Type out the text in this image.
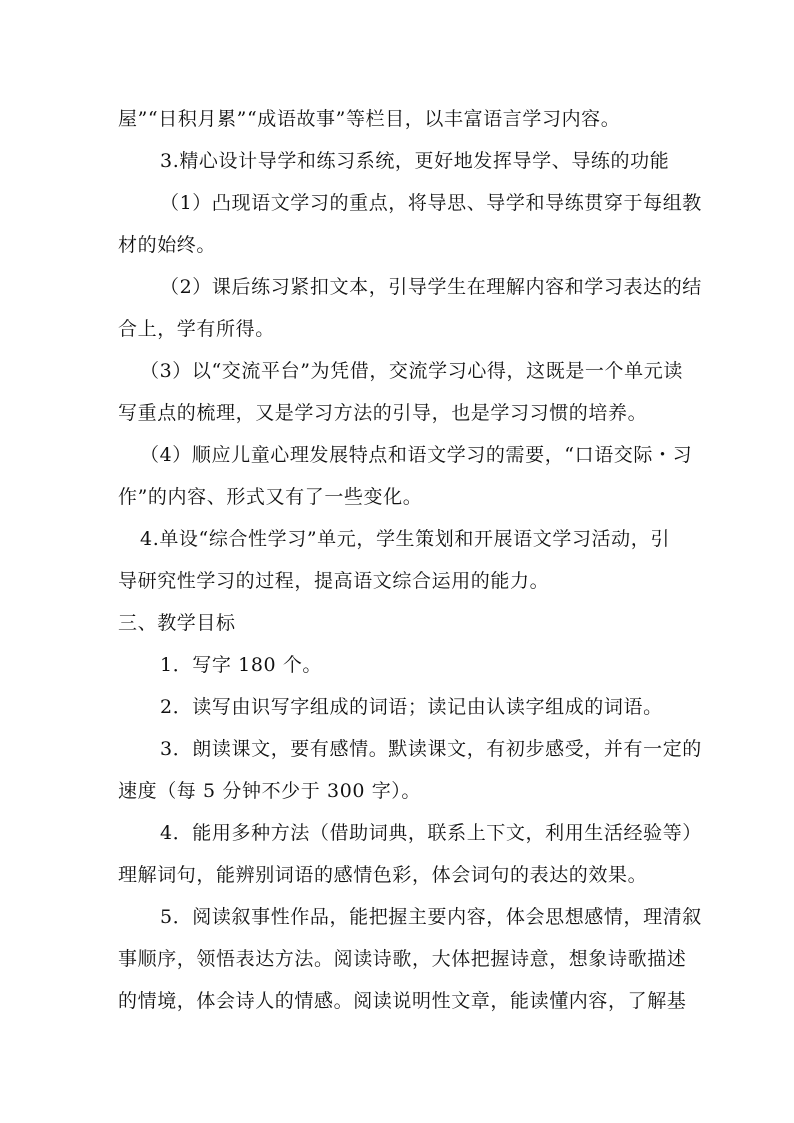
屋”“日积月累”“成语故事”等栏目，以丰富语言学习内容。
3.精心设计导学和练习系统，更好地发挥导学、导练的功能
（1）凸现语文学习的重点，将导思、导学和导练贯穿于每组教
材的始终。
（2）课后练习紧扣文本，引导学生在理解内容和学习表达的结
合上，学有所得。
（3）以“交流平台”为凭借，交流学习心得，这既是一个单元读
写重点的梳理，又是学习方法的引导，也是学习习惯的培养。
（4）顺应儿童心理发展特点和语文学习的需要，“口语交际・习
作”的内容、形式又有了一些变化。
4.单设“综合性学习”单元，学生策划和开展语文学习活动，引
导研究性学习的过程，提高语文综合运用的能力。
三、教学目标
1．写字 180 个。
2．读写由识写字组成的词语；读记由认读字组成的词语。
3．朗读课文，要有感情。默读课文，有初步感受，并有一定的
速度（每 5 分钟不少于 300 字）。
4．能用多种方法（借助词典，联系上下文，利用生活经验等）
理解词句，能辨别词语的感情色彩，体会词句的表达的效果。
5．阅读叙事性作品，能把握主要内容，体会思想感情，理清叙
事顺序，领悟表达方法。阅读诗歌，大体把握诗意，想象诗歌描述
的情境，体会诗人的情感。阅读说明性文章，能读懂内容，了解基
